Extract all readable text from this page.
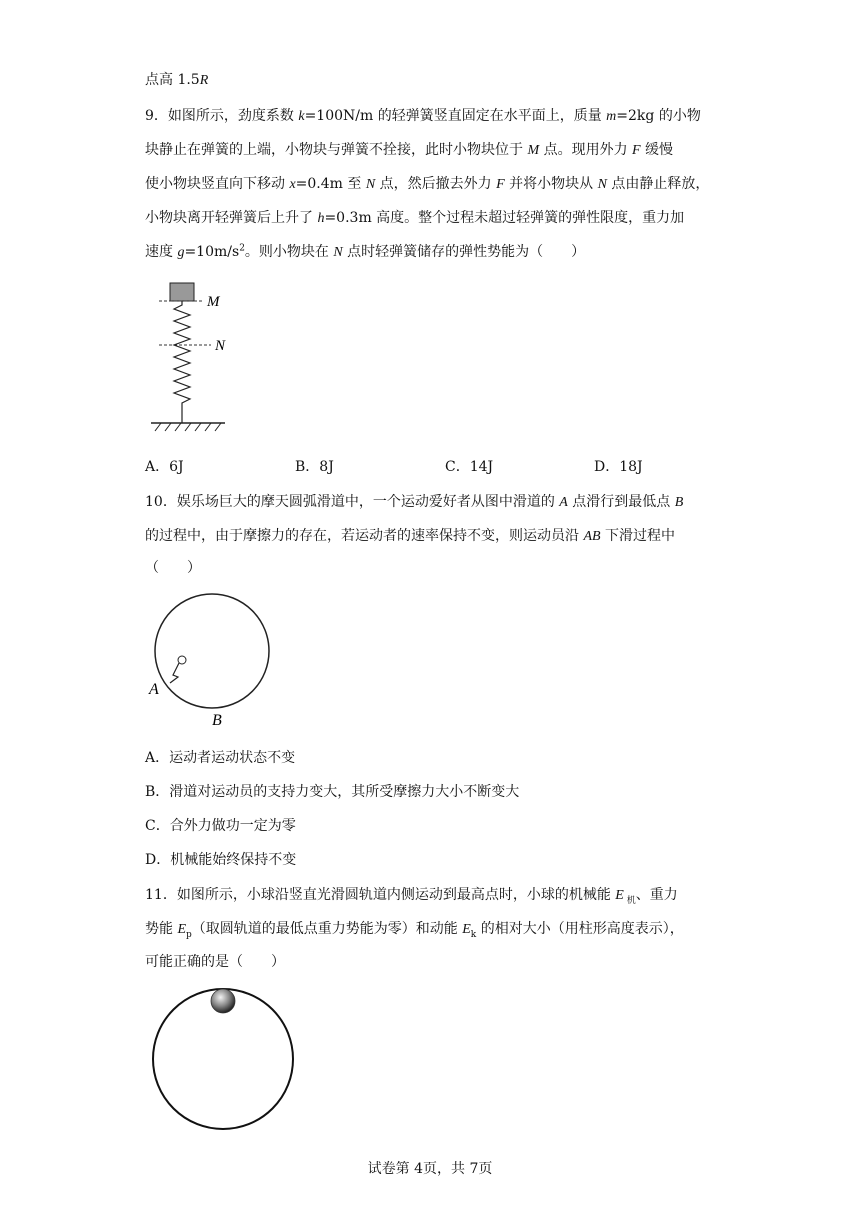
点高 1.5R
9．如图所示，劲度系数 k=100N/m 的轻弹簧竖直固定在水平面上，质量 m=2kg 的小物
块静止在弹簧的上端，小物块与弹簧不拴接，此时小物块位于 M 点。现用外力 F 缓慢
使小物块竖直向下移动 x=0.4m 至 N 点，然后撤去外力 F 并将小物块从 N 点由静止释放，
小物块离开轻弹簧后上升了 h=0.3m 高度。整个过程未超过轻弹簧的弹性限度，重力加
速度 $g=10m/s^2$。则小物块在 N 点时轻弹簧储存的弹性势能为（　　）
M
N
A．6J	B．8J	C．14J	D．18J
10．娱乐场巨大的摩天圆弧滑道中，一个运动爱好者从图中滑道的 A 点滑行到最低点 B
的过程中，由于摩擦力的存在，若运动者的速率保持不变，则运动员沿 AB 下滑过程中
（　　）
A
B
A．运动者运动状态不变
B．滑道对运动员的支持力变大，其所受摩擦力大小不断变大
C．合外力做功一定为零
D．机械能始终保持不变
11．如图所示，小球沿竖直光滑圆轨道内侧运动到最高点时，小球的机械能 E $_机$、重力
势能 $E_p$（取圆轨道的最低点重力势能为零）和动能 $E_k$ 的相对大小（用柱形高度表示），
可能正确的是（　　）
试卷第 4页，共 7页
